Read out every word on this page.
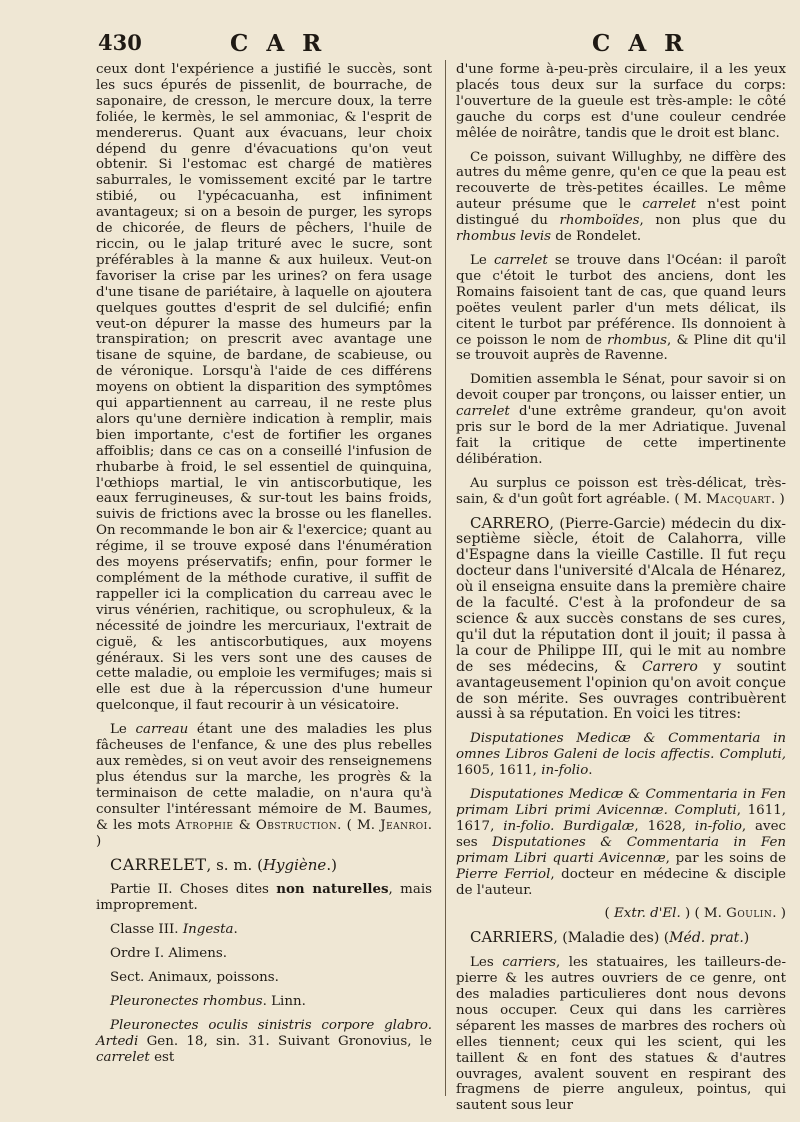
430	C A R	C A R

ceux dont l'expérience a justifié le succès, sont les sucs épurés de pissenlit, de bourrache, de saponaire, de cresson, le mercure doux, la terre foliée, le kermès, le sel ammoniac, & l'esprit de mendererus. Quant aux évacuans, leur choix dépend du genre d'évacuations qu'on veut obtenir. Si l'estomac est chargé de matières saburrales, le vomissement excité par le tartre stibié, ou l'ypécacuanha, est infiniment avantageux; si on a besoin de purger, les syrops de chicorée, de fleurs de pêchers, l'huile de riccin, ou le jalap trituré avec le sucre, sont préférables à la manne & aux huileux. Veut-on favoriser la crise par les urines? on fera usage d'une tisane de pariétaire, à laquelle on ajoutera quelques gouttes d'esprit de sel dulcifié; enfin veut-on dépurer la masse des humeurs par la transpiration; on prescrit avec avantage une tisane de squine, de bardane, de scabieuse, ou de véronique. Lorsqu'à l'aide de ces différens moyens on obtient la disparition des symptômes qui appartiennent au carreau, il ne reste plus alors qu'une dernière indication à remplir, mais bien importante, c'est de fortifier les organes affoiblis; dans ce cas on a conseillé l'infusion de rhubarbe à froid, le sel essentiel de quinquina, l'œthiops martial, le vin antiscorbutique, les eaux ferrugineuses, & sur-tout les bains froids, suivis de frictions avec la brosse ou les flanelles. On recommande le bon air & l'exercice; quant au régime, il se trouve exposé dans l'énumération des moyens préservatifs; enfin, pour former le complément de la méthode curative, il suffit de rappeller ici la complication du carreau avec le virus vénérien, rachitique, ou scrophuleux, & la nécessité de joindre les mercuriaux, l'extrait de ciguë, & les antiscorbutiques, aux moyens généraux. Si les vers sont une des causes de cette maladie, ou emploie les vermifuges; mais si elle est due à la répercussion d'une humeur quelconque, il faut recourir à un vésicatoire.

Le carreau étant une des maladies les plus fâcheuses de l'enfance, & une des plus rebelles aux remèdes, si on veut avoir des renseignemens plus étendus sur la marche, les progrès & la terminaison de cette maladie, on n'aura qu'à consulter l'intéressant mémoire de M. Baumes, & les mots Atrophie & Obstruction. ( M. Jeanroi. )

CARRELET, s. m. (Hygiène.)

Partie II. Choses dites non naturelles, mais improprement.

Classe III. Ingesta.

Ordre I. Alimens.

Sect. Animaux, poissons.

Pleuronectes rhombus. Linn.

Pleuronectes oculis sinistris corpore glabro. Artedi Gen. 18, sin. 31. Suivant Gronovius, le carrelet est

d'une forme à-peu-près circulaire, il a les yeux placés tous deux sur la surface du corps: l'ouverture de la gueule est très-ample: le côté gauche du corps est d'une couleur cendrée mêlée de noirâtre, tandis que le droit est blanc.

Ce poisson, suivant Willughby, ne diffère des autres du même genre, qu'en ce que la peau est recouverte de très-petites écailles. Le même auteur présume que le carrelet n'est point distingué du rhomboïdes, non plus que du rhombus levis de Rondelet.

Le carrelet se trouve dans l'Océan: il paroît que c'étoit le turbot des anciens, dont les Romains faisoient tant de cas, que quand leurs poëtes veulent parler d'un mets délicat, ils citent le turbot par préférence. Ils donnoient à ce poisson le nom de rhombus, & Pline dit qu'il se trouvoit auprès de Ravenne.

Domitien assembla le Sénat, pour savoir si on devoit couper par tronçons, ou laisser entier, un carrelet d'une extrême grandeur, qu'on avoit pris sur le bord de la mer Adriatique. Juvenal fait la critique de cette impertinente délibération.

Au surplus ce poisson est très-délicat, très-sain, & d'un goût fort agréable. ( M. Macquart. )

CARRERO, (Pierre-Garcie) médecin du dix-septième siècle, étoit de Calahorra, ville d'Espagne dans la vieille Castille. Il fut reçu docteur dans l'université d'Alcala de Hénarez, où il enseigna ensuite dans la première chaire de la faculté. C'est à la profondeur de sa science & aux succès constans de ses cures, qu'il dut la réputation dont il jouit; il passa à la cour de Philippe III, qui le mit au nombre de ses médecins, & Carrero y soutint avantageusement l'opinion qu'on avoit conçue de son mérite. Ses ouvrages contribuèrent aussi à sa réputation. En voici les titres:

Disputationes Medicæ & Commentaria in omnes Libros Galeni de locis affectis. Compluti, 1605, 1611, in-folio.

Disputationes Medicæ & Commentaria in Fen primam Libri primi Avicennæ. Compluti, 1611, 1617, in-folio. Burdigalæ, 1628, in-folio, avec ses Disputationes & Commentaria in Fen primam Libri quarti Avicennæ, par les soins de Pierre Ferriol, docteur en médecine & disciple de l'auteur.

( Extr. d'El. ) ( M. Goulin. )

CARRIERS, (Maladie des) (Méd. prat.)

Les carriers, les statuaires, les tailleurs-de-pierre & les autres ouvriers de ce genre, ont des maladies particulieres dont nous devons nous occuper. Ceux qui dans les carrières séparent les masses de marbres des rochers où elles tiennent; ceux qui les scient, qui les taillent & en font des statues & d'autres ouvrages, avalent souvent en respirant des fragmens de pierre anguleux, pointus, qui sautent sous leur
